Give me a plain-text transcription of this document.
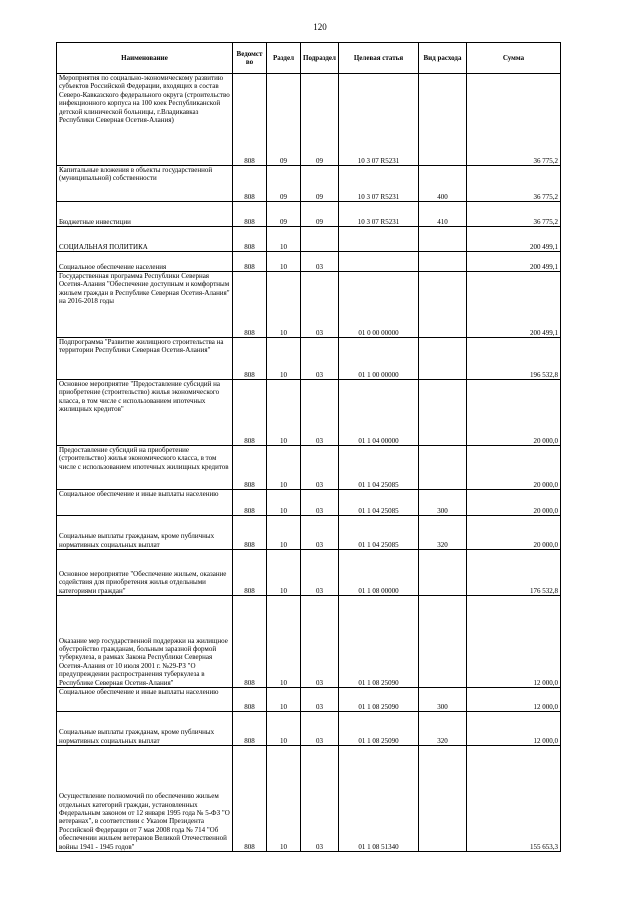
120
Наименование	Ведомст во	Раздел	Подраздел	Целевая статья	Вид расхода	Сумма
Мероприятия по социально-экономическому развитию субъектов Российской Федерации, входящих в состав Северо-Кавказского федерального округа (строительство инфекционного корпуса на 100 коек Республиканской детской клинической больницы, г.Владикавказ Республики Северная Осетия-Алания)	808	09	09	10 3 07 R5231		36 775,2
Капитальные вложения в объекты государственной (муниципальной) собственности	808	09	09	10 3 07 R5231	400	36 775,2
Бюджетные инвестиции	808	09	09	10 3 07 R5231	410	36 775,2
СОЦИАЛЬНАЯ ПОЛИТИКА	808	10				200 499,1
Социальное обеспечение населения	808	10	03			200 499,1
Государственная программа Республики Северная Осетия-Алания "Обеспечение доступным и комфортным жильем граждан в Республике Северная Осетия-Алания" на 2016-2018 годы	808	10	03	01 0 00 00000		200 499,1
Подпрограмма "Развитие жилищного строительства на территории Республики Северная Осетия-Алания"	808	10	03	01 1 00 00000		196 532,8
Основное мероприятие "Предоставление субсидий на приобретение (строительство) жилья экономического класса, в том числе с использованием ипотечных жилищных кредитов"	808	10	03	01 1 04 00000		20 000,0
Предоставление субсидий на приобретение (строительство) жилья экономического класса, в том числе с использованием ипотечных жилищных кредитов	808	10	03	01 1 04 25085		20 000,0
Социальное обеспечение и иные выплаты населению	808	10	03	01 1 04 25085	300	20 000,0
Социальные выплаты гражданам, кроме публичных нормативных социальных выплат	808	10	03	01 1 04 25085	320	20 000,0
Основное мероприятие "Обеспечение жильем, оказание содействия для приобретения жилья отдельными категориями граждан"	808	10	03	01 1 08 00000		176 532,8
Оказание мер государственной поддержки на жилищное обустройство гражданам, больным заразной формой туберкулеза, в рамках Закона Республики Северная Осетия-Алания от 10 июля 2001 г. №29-РЗ "О предупреждении распространения туберкулеза в Республике Северная Осетия-Алания"	808	10	03	01 1 08 25090		12 000,0
Социальное обеспечение и иные выплаты населению	808	10	03	01 1 08 25090	300	12 000,0
Социальные выплаты гражданам, кроме публичных нормативных социальных выплат	808	10	03	01 1 08 25090	320	12 000,0
Осуществление полномочий по обеспечению жильем отдельных категорий граждан, установленных Федеральным законом от 12 января 1995 года № 5-ФЗ "О ветеранах", в соответствии с Указом Президента Российской Федерации от 7 мая 2008 года № 714 "Об обеспечении жильем ветеранов Великой Отечественной войны 1941 - 1945 годов"	808	10	03	01 1 08 51340		155 653,3
